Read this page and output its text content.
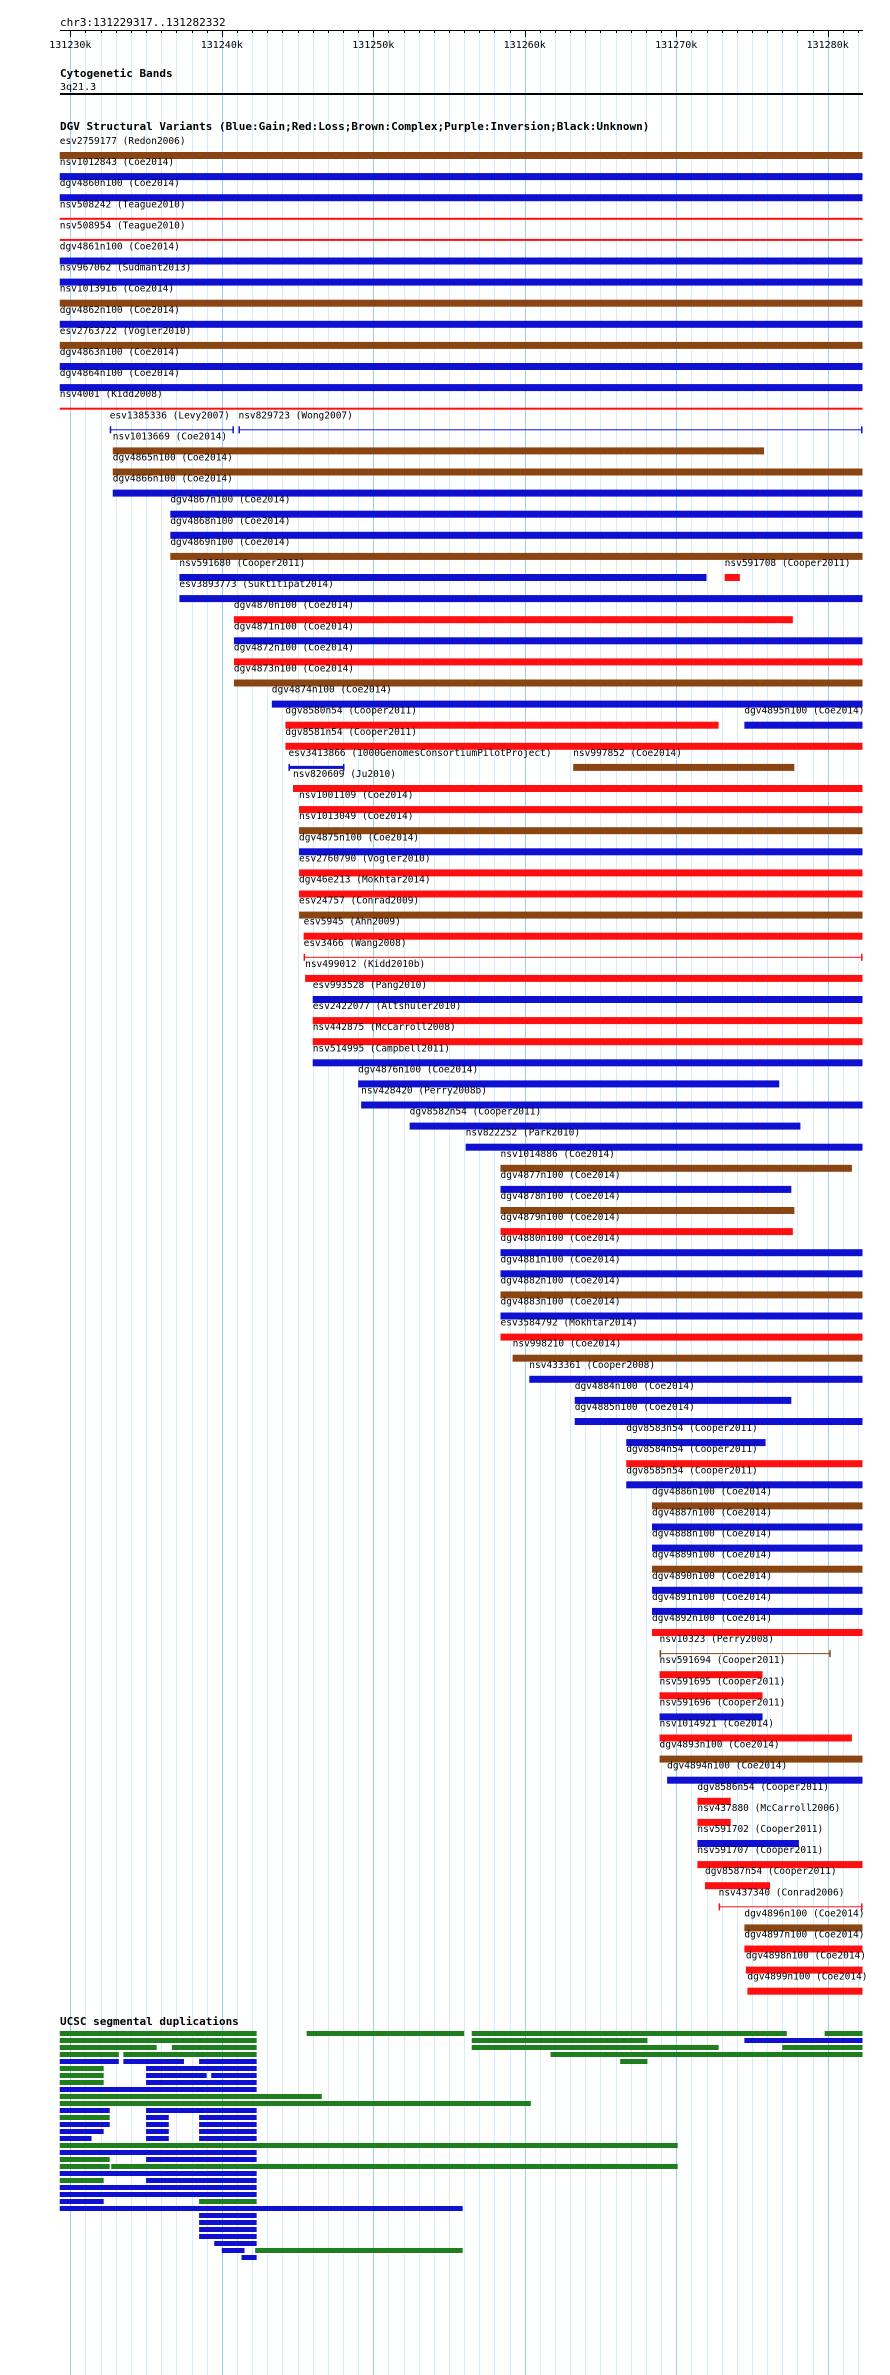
chr3:131229317..131282332
131230k	131240k	131250k	131260k	131270k	131280k
Cytogenetic Bands
3q21.3
DGV Structural Variants (Blue:Gain;Red:Loss;Brown:Complex;Purple:Inversion;Black:Unknown)
esv2759177 (Redon2006)
nsv1012843 (Coe2014)
dgv4860n100 (Coe2014)
nsv508242 (Teague2010)
nsv508954 (Teague2010)
dgv4861n100 (Coe2014)
nsv967062 (Sudmant2013)
nsv1013916 (Coe2014)
dgv4862n100 (Coe2014)
esv2763722 (Vogler2010)
dgv4863n100 (Coe2014)
dgv4864n100 (Coe2014)
nsv4001 (Kidd2008)
esv1385336 (Levy2007) nsv829723 (Wong2007)
nsv1013669 (Coe2014)
dgv4865n100 (Coe2014)
dgv4866n100 (Coe2014)
dgv4867n100 (Coe2014)
dgv4868n100 (Coe2014)
dgv4869n100 (Coe2014)
nsv591680 (Cooper2011)	nsv591708 (Cooper2011)
esv3893773 (Suktitipat2014)
dgv4870n100 (Coe2014)
dgv4871n100 (Coe2014)
dgv4872n100 (Coe2014)
dgv4873n100 (Coe2014)
dgv4874n100 (Coe2014)
dgv8580n54 (Cooper2011)	dgv4895n100 (Coe2014)
dgv8581n54 (Cooper2011)
esv3413866 (1000GenomesConsortiumPilotProject) nsv997852 (Coe2014)
nsv820609 (Ju2010)
nsv1001109 (Coe2014)
nsv1013049 (Coe2014)
dgv4875n100 (Coe2014)
esv2760790 (Vogler2010)
dgv46e213 (Mokhtar2014)
esv24757 (Conrad2009)
esv5945 (Ahn2009)
esv3466 (Wang2008)
nsv499012 (Kidd2010b)
esv993528 (Pang2010)
esv2422077 (Altshuler2010)
nsv442875 (McCarroll2008)
nsv514995 (Campbell2011)
dgv4876n100 (Coe2014)
nsv428420 (Perry2008b)
dgv8582n54 (Cooper2011)
nsv822252 (Park2010)
nsv1014886 (Coe2014)
dgv4877n100 (Coe2014)
dgv4878n100 (Coe2014)
dgv4879n100 (Coe2014)
dgv4880n100 (Coe2014)
dgv4881n100 (Coe2014)
dgv4882n100 (Coe2014)
dgv4883n100 (Coe2014)
esv3584792 (Mokhtar2014)
nsv998210 (Coe2014)
nsv433361 (Cooper2008)
dgv4884n100 (Coe2014)
dgv4885n100 (Coe2014)
dgv8583n54 (Cooper2011)
dgv8584n54 (Cooper2011)
dgv8585n54 (Cooper2011)
dgv4886n100 (Coe2014)
dgv4887n100 (Coe2014)
dgv4888n100 (Coe2014)
dgv4889n100 (Coe2014)
dgv4890n100 (Coe2014)
dgv4891n100 (Coe2014)
dgv4892n100 (Coe2014)
nsv10323 (Perry2008)
nsv591694 (Cooper2011)
nsv591695 (Cooper2011)
nsv591696 (Cooper2011)
nsv1014921 (Coe2014)
dgv4893n100 (Coe2014)
dgv4894n100 (Coe2014)
dgv8586n54 (Cooper2011)
nsv437880 (McCarroll2006)
nsv591702 (Cooper2011)
nsv591707 (Cooper2011)
dgv8587n54 (Cooper2011)
nsv437340 (Conrad2006)
dgv4896n100 (Coe2014)
dgv4897n100 (Coe2014)
dgv4898n100 (Coe2014)
dgv4899n100 (Coe2014)
UCSC segmental duplications
